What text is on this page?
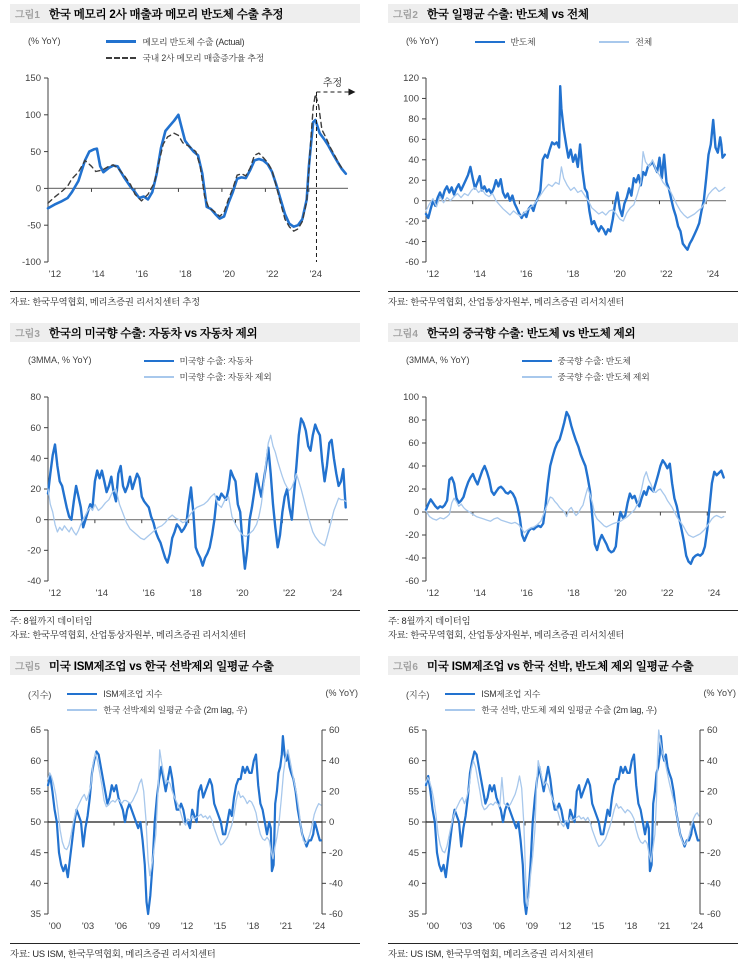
그림1 한국 메모리 2사 매출과 메모리 반도체 수출 추정
(% YoY)	메모리 반도체 수출 (Actual)
국내 2사 메모리 매출증가율 추정
150
100
50
0
-50
-100
'12	'14	'16	'18	'20	'22	'24
추정
자료: 한국무역협회, 메리츠증권 리서치센터 추정
그림2 한국 일평균 수출: 반도체 vs 전체
(% YoY)	반도체	전체
120
100
80
60
40
20
0
-20
-40
-60
'12	'14	'16	'18	'20	'22	'24
자료: 한국무역협회, 산업통상자원부, 메리츠증권 리서치센터
그림3 한국의 미국향 수출: 자동차 vs 자동차 제외
(3MMA, % YoY)	미국향 수출: 자동차
미국향 수출: 자동차 제외
80
60
40
20
0
-20
-40
'12	'14	'16	'18	'20	'22	'24
주: 8월까지 데이터임
자료: 한국무역협회, 산업통상자원부, 메리츠증권 리서치센터
그림4 한국의 중국향 수출: 반도체 vs 반도체 제외
(3MMA, % YoY)	중국향 수출: 반도체
중국향 수출: 반도체 제외
100
80
60
40
20
0
-20
-40
-60
'12	'14	'16	'18	'20	'22	'24
주: 8월까지 데이터임
자료: 한국무역협회, 산업통상자원부, 메리츠증권 리서치센터
그림5 미국 ISM제조업 vs 한국 선박제외 일평균 수출
(지수)	ISM제조업 지수
한국 선박제외 일평균 수출 (2m lag, 우)
(% YoY)
65
60
55
50
45
40
35
60
40
20
0
-20
-40
-60
'00 '03 '06 '09 '12 '15 '18 '21 '24
자료: US ISM, 한국무역협회, 메리츠증권 리서치센터
그림6 미국 ISM제조업 vs 한국 선박, 반도체 제외 일평균 수출
(지수)	ISM제조업 지수
한국 선박, 반도체 제외 일평균 수출 (2m lag, 우)
(% YoY)
65
60
55
50
45
40
35
60
40
20
0
-20
-40
-60
'00 '03 '06 '09 '12 '15 '18 '21 '24
자료: US ISM, 한국무역협회, 메리츠증권 리서치센터
